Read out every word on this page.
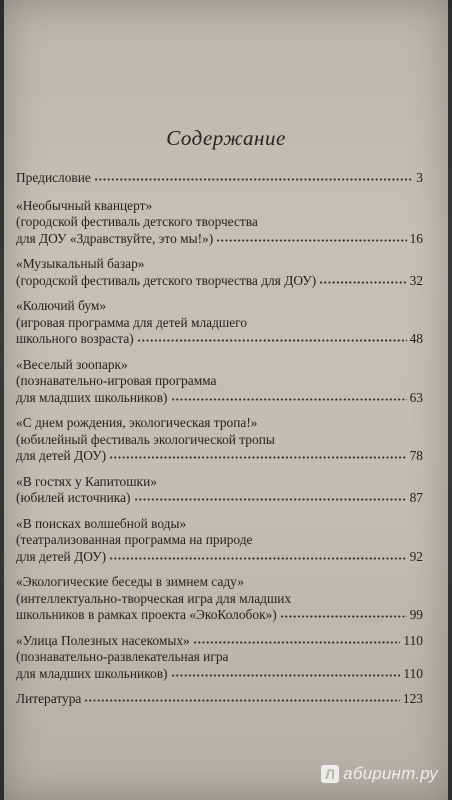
Содержание
Предисловие	3
«Необычный кванцерт»
(городской фестиваль детского творчества
для ДОУ «Здравствуйте, это мы!»)	16
«Музыкальный базар»
(городской фестиваль детского творчества для ДОУ)	32
«Колючий бум»
(игровая программа для детей младшего
школьного возраста)	48
«Веселый зоопарк»
(познавательно-игровая программа
для младших школьников)	63
«С днем рождения, экологическая тропа!»
(юбилейный фестиваль экологической тропы
для детей ДОУ)	78
«В гостях у Капитошки»
(юбилей источника)	87
«В поисках волшебной воды»
(театрализованная программа на природе
для детей ДОУ)	92
«Экологические беседы в зимнем саду»
(интеллектуально-творческая игра для младших
школьников в рамках проекта «ЭкоКолобок»)	99
«Улица Полезных насекомых»	110
(познавательно-развлекательная игра
для младших школьников)	110
Литература	123
Л абиринт.ру
